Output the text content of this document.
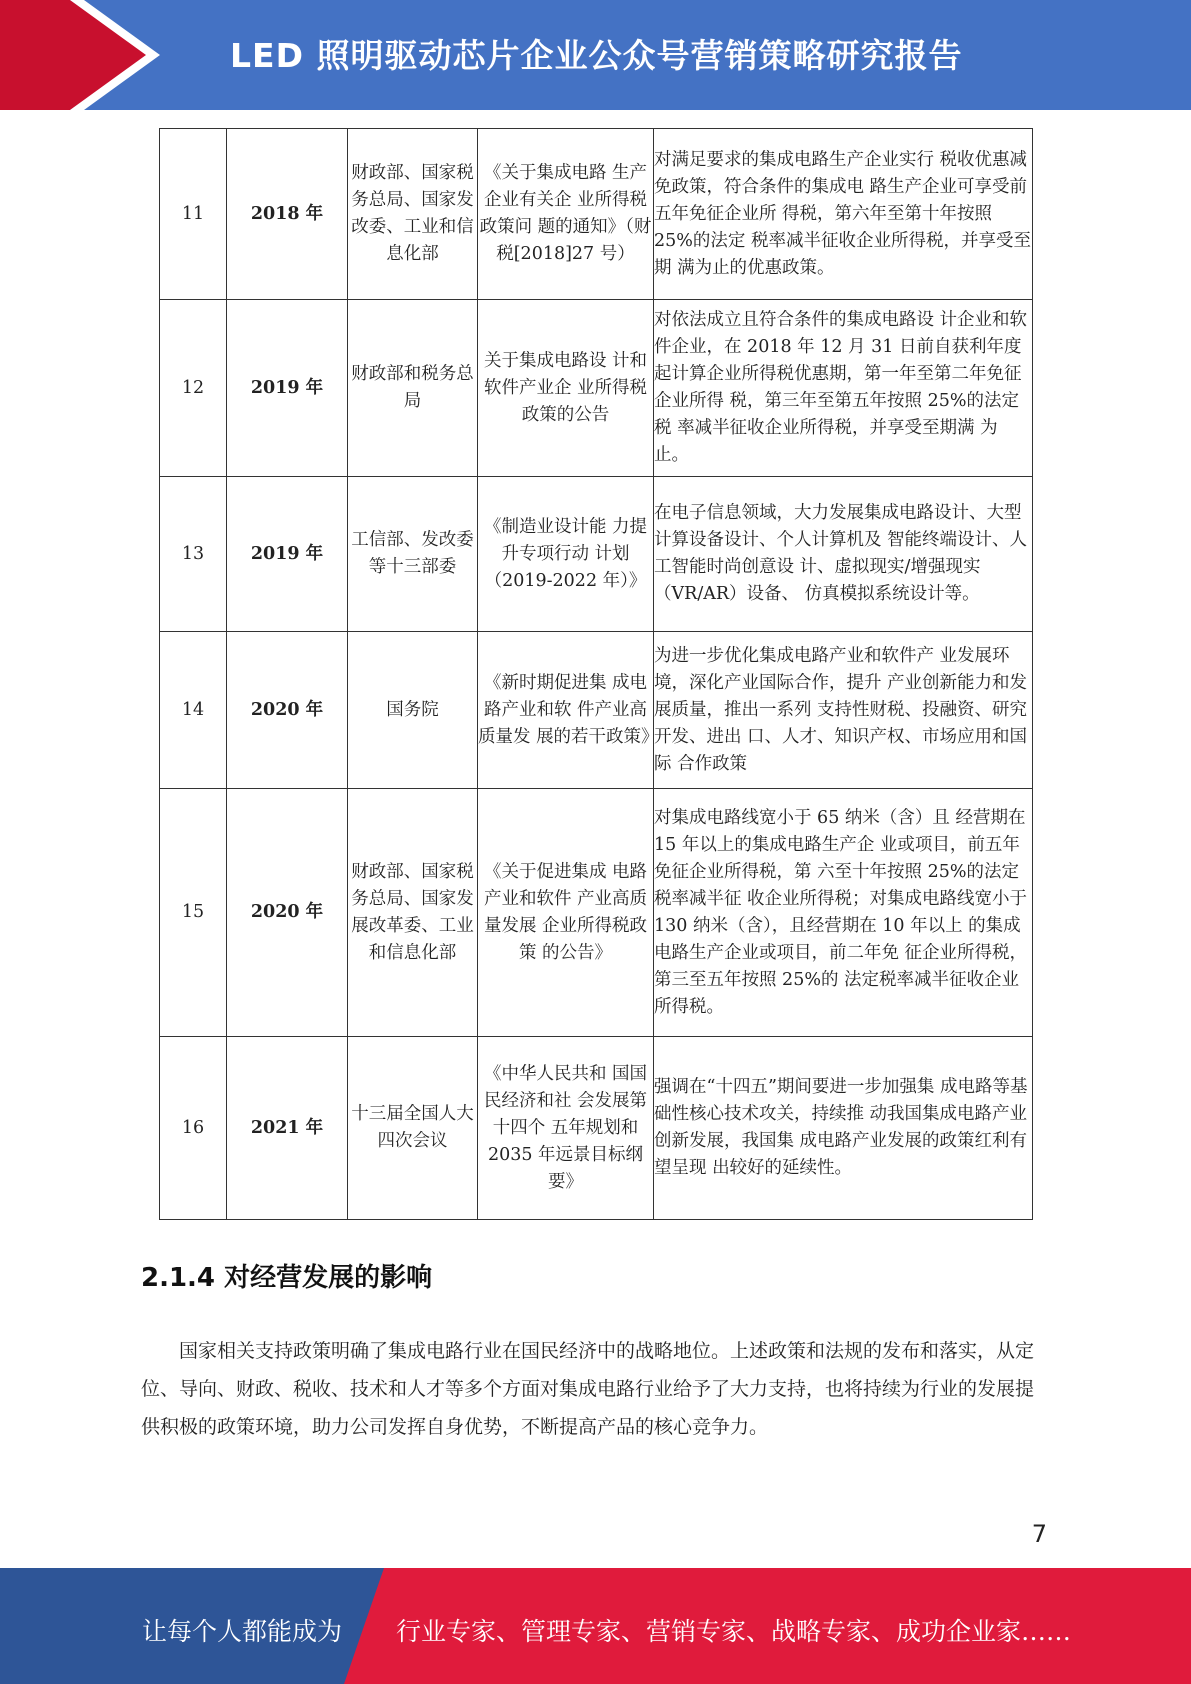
LED 照明驱动芯片企业公众号营销策略研究报告
11	2018 年	财政部、国家税务总局、国家发改委、工业和信息化部	《关于集成电路 生产企业有关企 业所得税政策问 题的通知》（财 税[2018]27 号）	对满足要求的集成电路生产企业实行 税收优惠减免政策，符合条件的集成电 路生产企业可享受前五年免征企业所 得税，第六年至第十年按照 25%的法定 税率减半征收企业所得税，并享受至期 满为止的优惠政策。
12	2019 年	财政部和税务总局	关于集成电路设 计和软件产业企 业所得税政策的公告	对依法成立且符合条件的集成电路设 计企业和软件企业，在 2018 年 12 月 31 日前自获利年度起计算企业所得税优惠期，第一年至第二年免征企业所得 税，第三年至第五年按照 25%的法定税 率减半征收企业所得税，并享受至期满 为止。
13	2019 年	工信部、发改委等十三部委	《制造业设计能 力提升专项行动 计划（2019-2022 年）》	在电子信息领域，大力发展集成电路设计、大型计算设备设计、个人计算机及 智能终端设计、人工智能时尚创意设 计、虚拟现实/增强现实（VR/AR）设备、 仿真模拟系统设计等。
14	2020 年	国务院	《新时期促进集 成电路产业和软 件产业高质量发 展的若干政策》	为进一步优化集成电路产业和软件产 业发展环境，深化产业国际合作，提升 产业创新能力和发展质量，推出一系列 支持性财税、投融资、研究开发、进出 口、人才、知识产权、市场应用和国际 合作政策
15	2020 年	财政部、国家税务总局、国家发展改革委、工业和信息化部	《关于促进集成 电路产业和软件 产业高质量发展 企业所得税政策 的公告》	对集成电路线宽小于 65 纳米（含）且 经营期在 15 年以上的集成电路生产企 业或项目，前五年免征企业所得税，第 六至十年按照 25%的法定税率减半征 收企业所得税；对集成电路线宽小于 130 纳米（含），且经营期在 10 年以上 的集成电路生产企业或项目，前二年免 征企业所得税，第三至五年按照 25%的 法定税率减半征收企业所得税。
16	2021 年	十三届全国人大四次会议	《中华人民共和 国国民经济和社 会发展第十四个 五年规划和 2035 年远景目标纲 要》	强调在“十四五”期间要进一步加强集 成电路等基础性核心技术攻关，持续推 动我国集成电路产业创新发展，我国集 成电路产业发展的政策红利有望呈现 出较好的延续性。
2.1.4 对经营发展的影响
国家相关支持政策明确了集成电路行业在国民经济中的战略地位。上述政策和法规的发布和落实，从定位、导向、财政、税收、技术和人才等多个方面对集成电路行业给予了大力支持，也将持续为行业的发展提供积极的政策环境，助力公司发挥自身优势，不断提高产品的核心竞争力。
7
让每个人都能成为 行业专家、管理专家、营销专家、战略专家、成功企业家……
